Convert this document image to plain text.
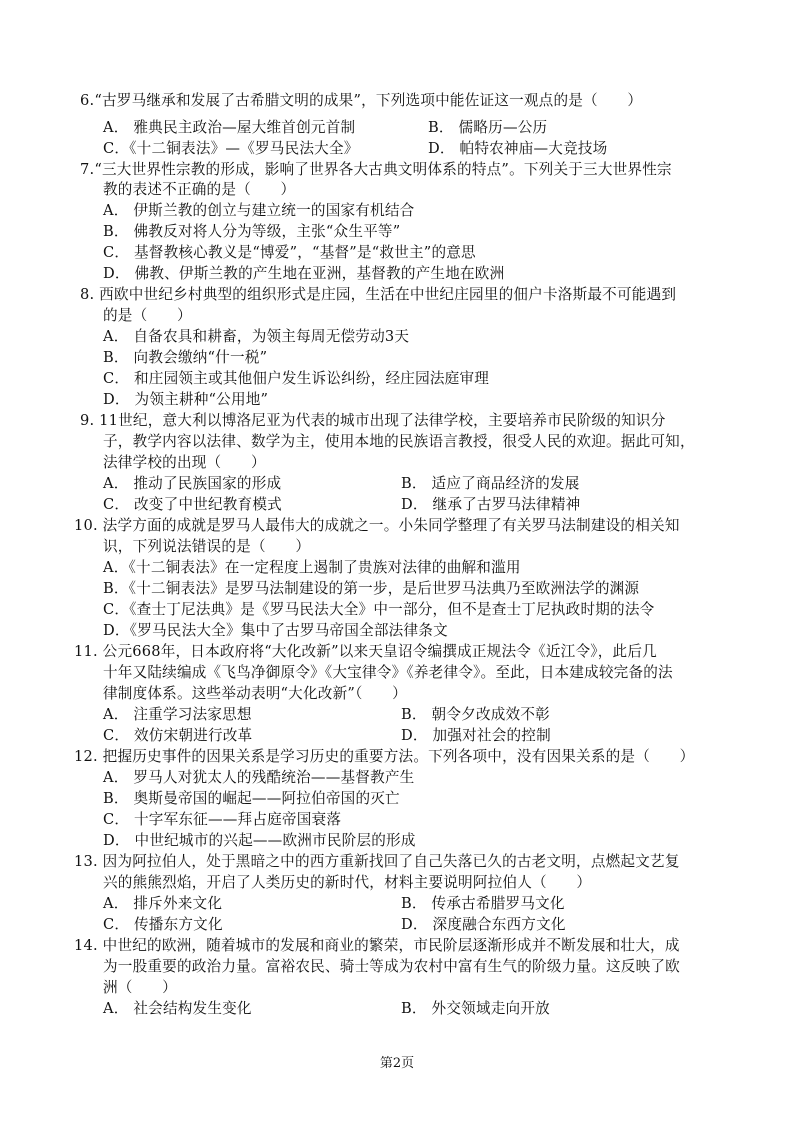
6.“古罗马继承和发展了古希腊文明的成果”，下列选项中能佐证这一观点的是（　　）
A． 雅典民主政治—屋大维首创元首制	B． 儒略历—公历
C．《十二铜表法》—《罗马民法大全》	D． 帕特农神庙—大竞技场
7.“三大世界性宗教的形成，影响了世界各大古典文明体系的特点”。下列关于三大世界性宗
教的表述不正确的是（　　）
A． 伊斯兰教的创立与建立统一的国家有机结合
B． 佛教反对将人分为等级，主张“众生平等”
C． 基督教核心教义是“博爱”，“基督”是“救世主”的意思
D． 佛教、伊斯兰教的产生地在亚洲，基督教的产生地在欧洲
8. 西欧中世纪乡村典型的组织形式是庄园，生活在中世纪庄园里的佃户卡洛斯最不可能遇到
的是（　　）
A． 自备农具和耕畜，为领主每周无偿劳动3天
B． 向教会缴纳“什一税”
C． 和庄园领主或其他佃户发生诉讼纠纷，经庄园法庭审理
D． 为领主耕种“公用地”
9. 11世纪，意大利以博洛尼亚为代表的城市出现了法律学校，主要培养市民阶级的知识分
子，教学内容以法律、数学为主，使用本地的民族语言教授，很受人民的欢迎。据此可知，
法律学校的出现（　　）
A． 推动了民族国家的形成	B． 适应了商品经济的发展
C． 改变了中世纪教育模式	D． 继承了古罗马法律精神
10. 法学方面的成就是罗马人最伟大的成就之一。小朱同学整理了有关罗马法制建设的相关知
识，下列说法错误的是（　　）
A．《十二铜表法》在一定程度上遏制了贵族对法律的曲解和滥用
B．《十二铜表法》是罗马法制建设的第一步，是后世罗马法典乃至欧洲法学的渊源
C．《查士丁尼法典》是《罗马民法大全》中一部分，但不是查士丁尼执政时期的法令
D．《罗马民法大全》集中了古罗马帝国全部法律条文
11. 公元668年，日本政府将“大化改新”以来天皇诏令编撰成正规法令《近江令》，此后几
十年又陆续编成《飞鸟净御原令》《大宝律令》《养老律令》。至此，日本建成较完备的法
律制度体系。这些举动表明“大化改新”（　　）
A． 注重学习法家思想	B． 朝令夕改成效不彰
C． 效仿宋朝进行改革	D． 加强对社会的控制
12. 把握历史事件的因果关系是学习历史的重要方法。下列各项中，没有因果关系的是（　　）
A． 罗马人对犹太人的残酷统治——基督教产生
B． 奥斯曼帝国的崛起——阿拉伯帝国的灭亡
C． 十字军东征——拜占庭帝国衰落
D． 中世纪城市的兴起——欧洲市民阶层的形成
13. 因为阿拉伯人，处于黑暗之中的西方重新找回了自己失落已久的古老文明，点燃起文艺复
兴的熊熊烈焰，开启了人类历史的新时代，材料主要说明阿拉伯人（　　）
A． 排斥外来文化	B． 传承古希腊罗马文化
C． 传播东方文化	D． 深度融合东西方文化
14. 中世纪的欧洲，随着城市的发展和商业的繁荣，市民阶层逐渐形成并不断发展和壮大，成
为一股重要的政治力量。富裕农民、骑士等成为农村中富有生气的阶级力量。这反映了欧
洲（　　）
A． 社会结构发生变化	B． 外交领域走向开放
第2页
